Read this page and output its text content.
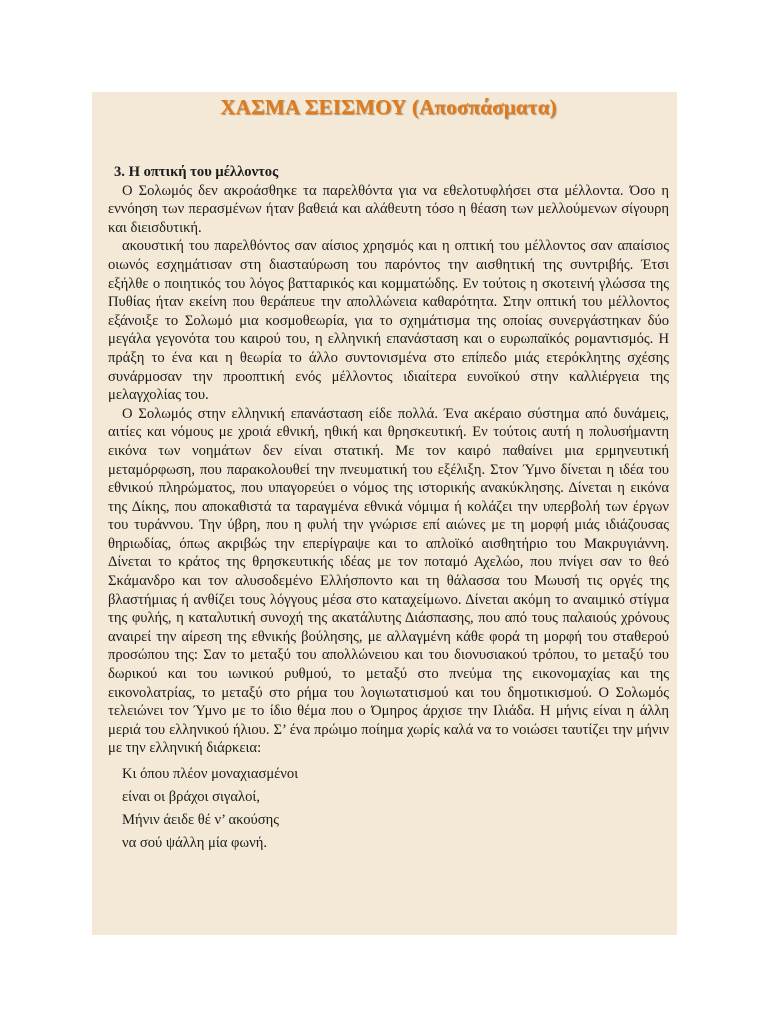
ΧΑΣΜΑ ΣΕΙΣΜΟΥ (Αποσπάσματα)

3. Η οπτική του μέλλοντος

Ο Σολωμός δεν ακροάσθηκε τα παρελθόντα για να εθελοτυφλήσει στα μέλλοντα. Όσο η εννόηση των περασμένων ήταν βαθειά και αλάθευτη τόσο η θέαση των μελλούμενων σίγουρη και διεισδυτική.

ακουστική του παρελθόντος σαν αίσιος χρησμός και η οπτική του μέλλοντος σαν απαίσιος οιωνός εσχημάτισαν στη διασταύρωση του παρόντος την αισθητική της συντριβής. Έτσι εξήλθε ο ποιητικός του λόγος βατταρικός και κομματώδης. Εν τούτοις η σκοτεινή γλώσσα της Πυθίας ήταν εκείνη που θεράπευε την απολλώνεια καθαρότητα. Στην οπτική του μέλλοντος εξάνοιξε το Σολωμό μια κοσμοθεωρία, για το σχημάτισμα της οποίας συνεργάστηκαν δύο μεγάλα γεγονότα του καιρού του, η ελληνική επανάσταση και ο ευρωπαϊκός ρομαντισμός. Η πράξη το ένα και η θεωρία το άλλο συντονισμένα στο επίπεδο μιάς ετερόκλητης σχέσης συνάρμοσαν την προοπτική ενός μέλλοντος ιδιαίτερα ευνοϊκού στην καλλιέργεια της μελαγχολίας του.

Ο Σολωμός στην ελληνική επανάσταση είδε πολλά. Ένα ακέραιο σύστημα από δυνάμεις, αιτίες και νόμους με χροιά εθνική, ηθική και θρησκευτική. Εν τούτοις αυτή η πολυσήμαντη εικόνα των νοημάτων δεν είναι στατική. Με τον καιρό παθαίνει μια ερμηνευτική μεταμόρφωση, που παρακολουθεί την πνευματική του εξέλιξη. Στον Ύμνο δίνεται η ιδέα του εθνικού πληρώματος, που υπαγορεύει ο νόμος της ιστορικής ανακύκλησης. Δίνεται η εικόνα της Δίκης, που αποκαθιστά τα ταραγμένα εθνικά νόμιμα ή κολάζει την υπερβολή των έργων του τυράννου. Την ύβρη, που η φυλή την γνώρισε επί αιώνες με τη μορφή μιάς ιδιάζουσας θηριωδίας, όπως ακριβώς την επερίγραψε και το απλοϊκό αισθητήριο του Μακρυγιάννη. Δίνεται το κράτος της θρησκευτικής ιδέας με τον ποταμό Αχελώο, που πνίγει σαν το θεό Σκάμανδρο και τον αλυσοδεμένο Ελλήσποντο και τη θάλασσα του Μωυσή τις οργές της βλαστήμιας ή ανθίζει τους λόγγους μέσα στο καταχείμωνο. Δίνεται ακόμη το αναιμικό στίγμα της φυλής, η καταλυτική συνοχή της ακατάλυτης Διάσπασης, που από τους παλαιούς χρόνους αναιρεί την αίρεση της εθνικής βούλησης, με αλλαγμένη κάθε φορά τη μορφή του σταθερού προσώπου της: Σαν το μεταξύ του απολλώνειου και του διονυσιακού τρόπου, το μεταξύ του δωρικού και του ιωνικού ρυθμού, το μεταξύ στο πνεύμα της εικονομαχίας και της εικονολατρίας, το μεταξύ στο ρήμα του λογιωτατισμού και του δημοτικισμού. Ο Σολωμός τελειώνει τον Ύμνο με το ίδιο θέμα που ο Όμηρος άρχισε την Ιλιάδα. Η μήνις είναι η άλλη μεριά του ελληνικού ήλιου. Σ’ ένα πρώιμο ποίημα χωρίς καλά να το νοιώσει ταυτίζει την μήνιν με την ελληνική διάρκεια:

Κι όπου πλέον μοναχιασμένοι
είναι οι βράχοι σιγαλοί,
Μήνιν άειδε θέ ν’ ακούσης
να σού ψάλλη μία φωνή.
